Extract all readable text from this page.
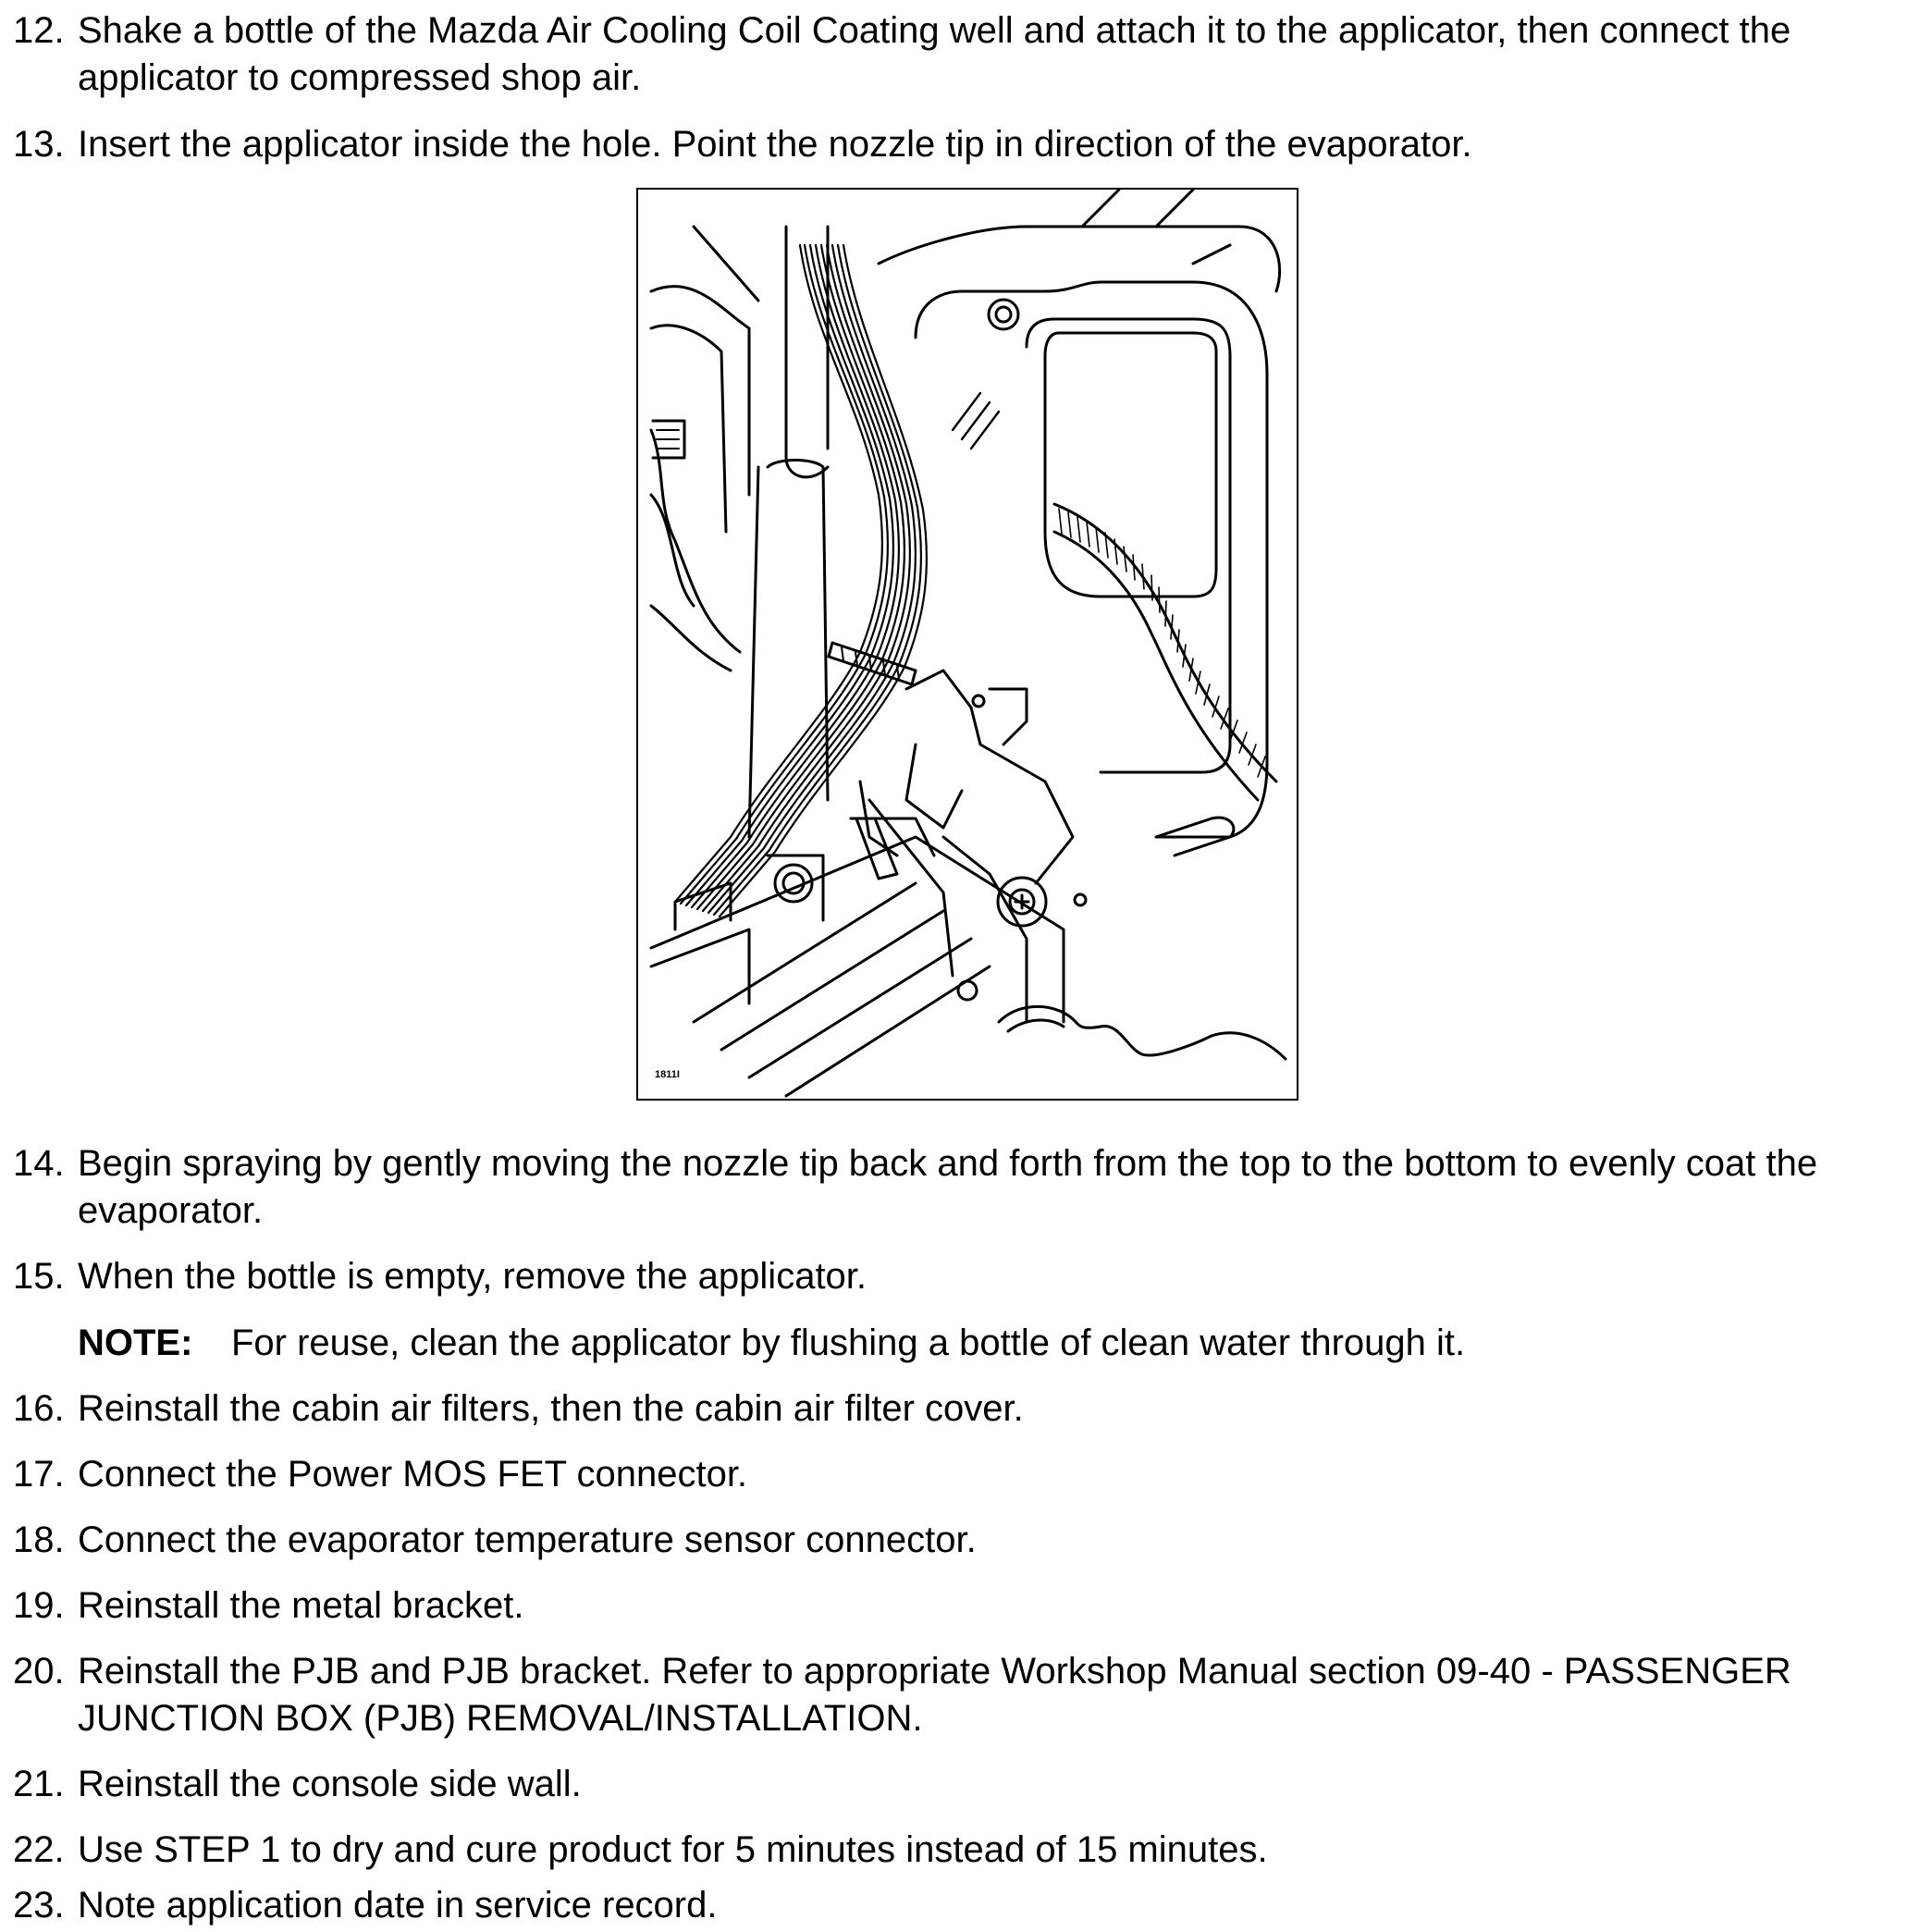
12. Shake a bottle of the Mazda Air Cooling Coil Coating well and attach it to the applicator, then connect the applicator to compressed shop air.
13. Insert the applicator inside the hole. Point the nozzle tip in direction of the evaporator.
1811I
14. Begin spraying by gently moving the nozzle tip back and forth from the top to the bottom to evenly coat the evaporator.
15. When the bottle is empty, remove the applicator.
NOTE: For reuse, clean the applicator by flushing a bottle of clean water through it.
16. Reinstall the cabin air filters, then the cabin air filter cover.
17. Connect the Power MOS FET connector.
18. Connect the evaporator temperature sensor connector.
19. Reinstall the metal bracket.
20. Reinstall the PJB and PJB bracket. Refer to appropriate Workshop Manual section 09-40 - PASSENGER JUNCTION BOX (PJB) REMOVAL/INSTALLATION.
21. Reinstall the console side wall.
22. Use STEP 1 to dry and cure product for 5 minutes instead of 15 minutes.
23. Note application date in service record.
